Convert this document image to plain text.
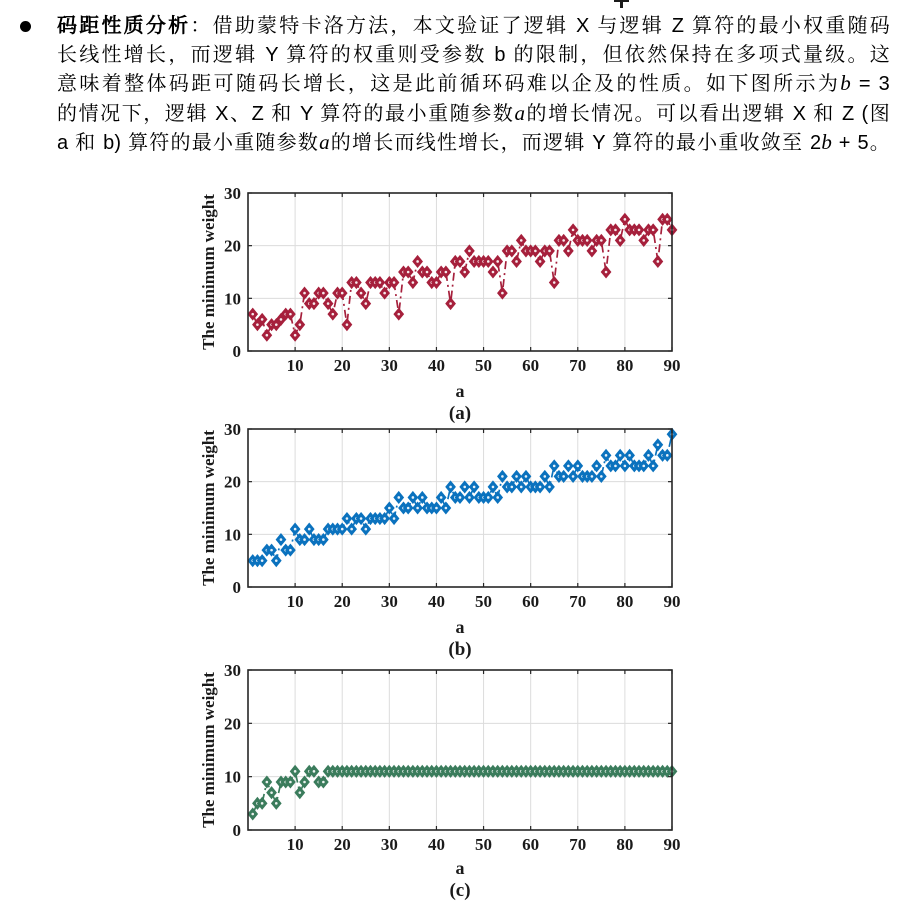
码距性质分析：借助蒙特卡洛方法，本文验证了逻辑 X 与逻辑 Z 算符的最小权重随码
长线性增长，而逻辑 Y 算符的权重则受参数 b 的限制，但依然保持在多项式量级。这
意味着整体码距可随码长增长，这是此前循环码难以企及的性质。如下图所示为b = 3
的情况下，逻辑 X、Z 和 Y 算符的最小重随参数a的增长情况。可以看出逻辑 X 和 Z (图
a 和 b) 算符的最小重随参数a的增长而线性增长，而逻辑 Y 算符的最小重收敛至 2b + 5。
10 20 30 40 50 60 70 80 90
0
10
20
30
The minimum weight
a
(a)
10 20 30 40 50 60 70 80 90
0
10
20
30
The minimum weight
a
(b)
10 20 30 40 50 60 70 80 90
0
10
20
30
The minimum weight
a
(c)
